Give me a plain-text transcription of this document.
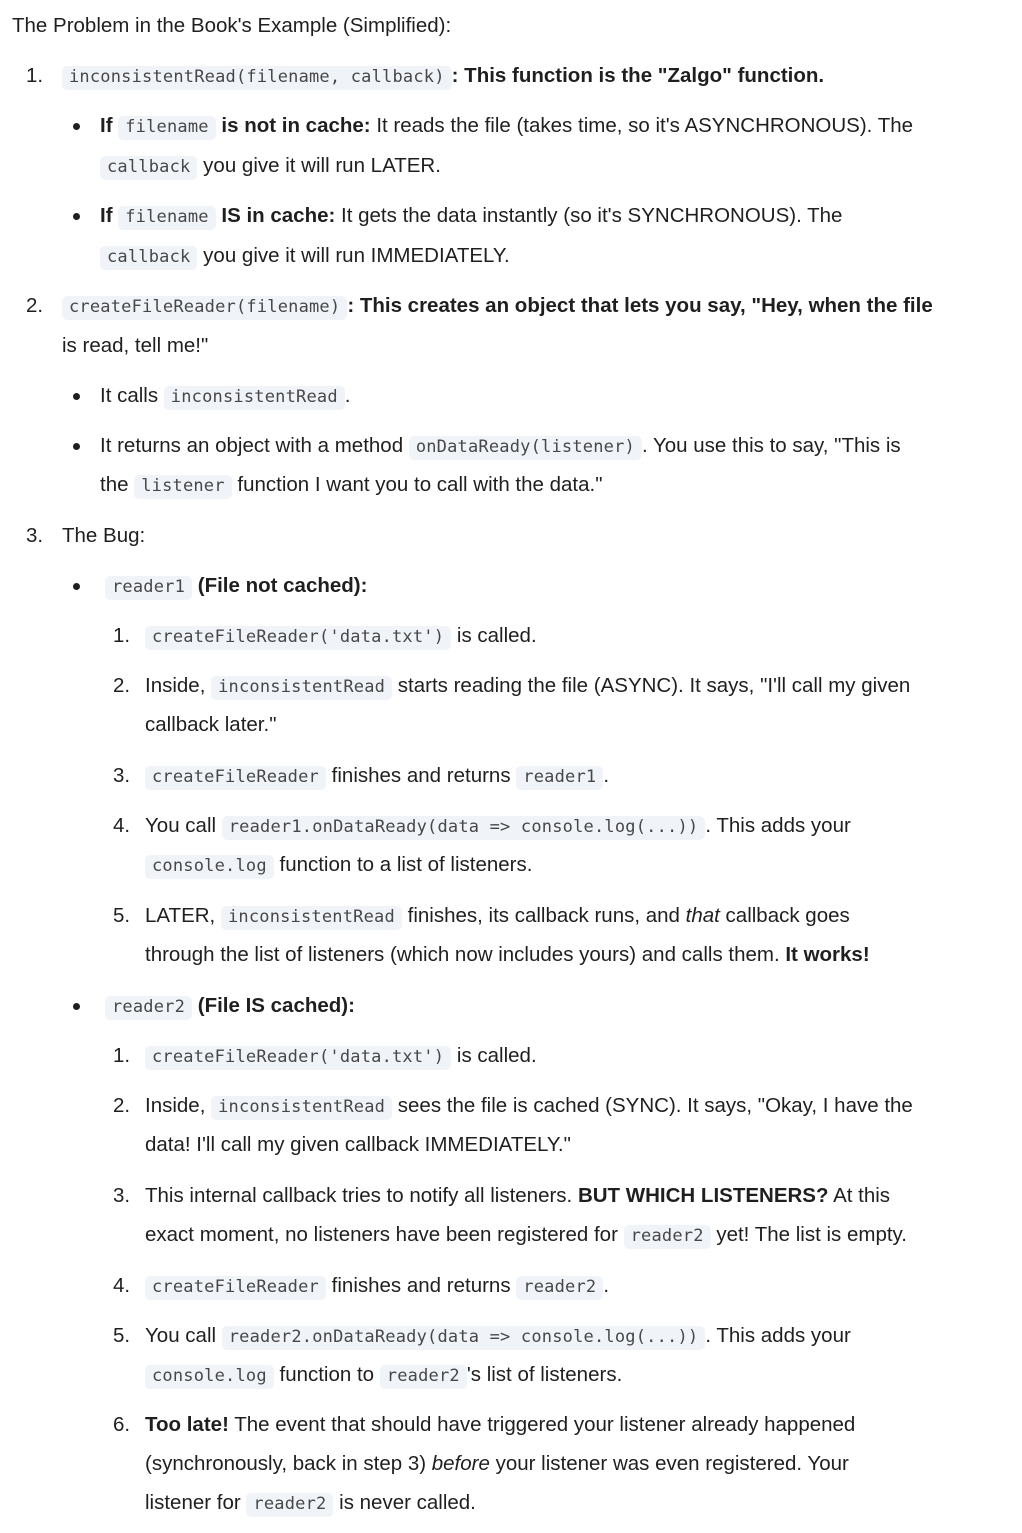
The Problem in the Book's Example (Simplified):
1.	inconsistentRead(filename, callback) : This function is the "Zalgo" function.
If filename is not in cache: It reads the file (takes time, so it's ASYNCHRONOUS). The
callback you give it will run LATER.
If filename IS in cache: It gets the data instantly (so it's SYNCHRONOUS). The
callback you give it will run IMMEDIATELY.
2.	createFileReader(filename) : This creates an object that lets you say, "Hey, when the file
is read, tell me!"
It calls inconsistentRead .
It returns an object with a method onDataReady(listener) . You use this to say, "This is
the listener function I want you to call with the data."
3. The Bug:
reader1 (File not cached):
1.	createFileReader('data.txt') is called.
2. Inside, inconsistentRead starts reading the file (ASYNC). It says, "I'll call my given
callback later."
3.	createFileReader finishes and returns reader1 .
4. You call reader1.onDataReady(data => console.log(...)) . This adds your
console.log function to a list of listeners.
5. LATER, inconsistentRead finishes, its callback runs, and that callback goes
through the list of listeners (which now includes yours) and calls them. It works!
reader2 (File IS cached):
1.	createFileReader('data.txt') is called.
2. Inside, inconsistentRead sees the file is cached (SYNC). It says, "Okay, I have the
data! I'll call my given callback IMMEDIATELY."
3. This internal callback tries to notify all listeners. BUT WHICH LISTENERS? At this
exact moment, no listeners have been registered for reader2 yet! The list is empty.
4.	createFileReader finishes and returns reader2 .
5. You call reader2.onDataReady(data => console.log(...)) . This adds your
console.log function to reader2 's list of listeners.
6. Too late! The event that should have triggered your listener already happened
(synchronously, back in step 3) before your listener was even registered. Your
listener for reader2 is never called.
